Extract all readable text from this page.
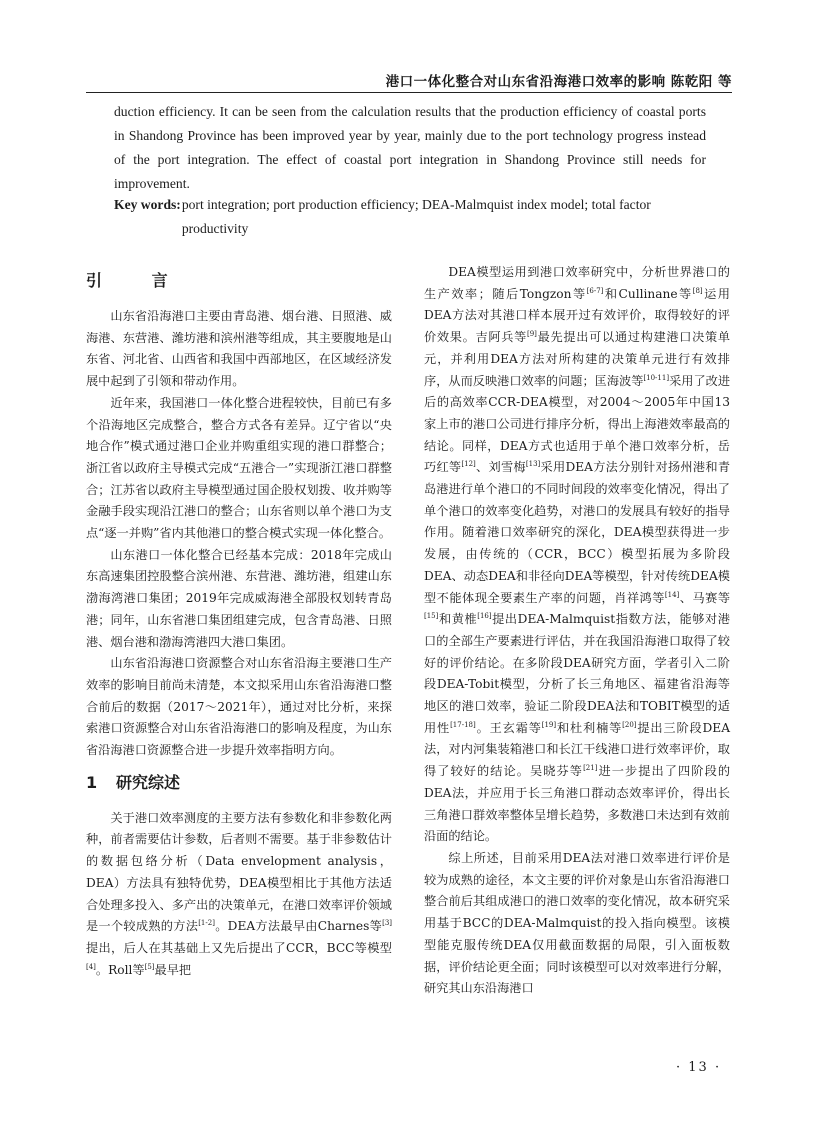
港口一体化整合对山东省沿海港口效率的影响 陈乾阳 等

duction efficiency. It can be seen from the calculation results that the production efficiency of coastal ports in Shandong Province has been improved year by year, mainly due to the port technology progress instead of the port integration. The effect of coastal port integration in Shandong Province still needs for improvement.

Key words: port integration; port production efficiency; DEA-Malmquist index model; total factor productivity
引 言

山东省沿海港口主要由青岛港、烟台港、日照港、威海港、东营港、潍坊港和滨州港等组成，其主要腹地是山东省、河北省、山西省和我国中西部地区，在区域经济发展中起到了引领和带动作用。

近年来，我国港口一体化整合进程较快，目前已有多个沿海地区完成整合，整合方式各有差异。辽宁省以“央地合作”模式通过港口企业并购重组实现的港口群整合；浙江省以政府主导模式完成“五港合一”实现浙江港口群整合；江苏省以政府主导模型通过国企股权划拨、收并购等金融手段实现沿江港口的整合；山东省则以单个港口为支点“逐一并购”省内其他港口的整合模式实现一体化整合。

山东港口一体化整合已经基本完成：2018年完成山东高速集团控股整合滨州港、东营港、潍坊港，组建山东渤海湾港口集团；2019年完成威海港全部股权划转青岛港；同年，山东省港口集团组建完成，包含青岛港、日照港、烟台港和渤海湾港四大港口集团。

山东省沿海港口资源整合对山东省沿海主要港口生产效率的影响目前尚未清楚，本文拟采用山东省沿海港口整合前后的数据（2017～2021年），通过对比分析，来探索港口资源整合对山东省沿海港口的影响及程度，为山东省沿海港口资源整合进一步提升效率指明方向。

1 研究综述

关于港口效率测度的主要方法有参数化和非参数化两种，前者需要估计参数，后者则不需要。基于非参数估计的数据包络分析（Data envelopment analysis，DEA）方法具有独特优势，DEA模型相比于其他方法适合处理多投入、多产出的决策单元，在港口效率评价领域是一个较成熟的方法[1-2]。DEA方法最早由Charnes等[3]提出，后人在其基础上又先后提出了CCR，BCC等模型[4]。Roll等[5]最早把

DEA模型运用到港口效率研究中，分析世界港口的生产效率；随后Tongzon等[6-7]和Cullinane等[8]运用DEA方法对其港口样本展开过有效评价，取得较好的评价效果。吉阿兵等[9]最先提出可以通过构建港口决策单元，并利用DEA方法对所构建的决策单元进行有效排序，从而反映港口效率的问题；匡海波等[10-11]采用了改进后的高效率CCR-DEA模型，对2004～2005年中国13家上市的港口公司进行排序分析，得出上海港效率最高的结论。同样，DEA方式也适用于单个港口效率分析，岳巧红等[12]、刘雪梅[13]采用DEA方法分别针对扬州港和青岛港进行单个港口的不同时间段的效率变化情况，得出了单个港口的效率变化趋势，对港口的发展具有较好的指导作用。随着港口效率研究的深化，DEA模型获得进一步发展，由传统的（CCR，BCC）模型拓展为多阶段DEA、动态DEA和非径向DEA等模型，针对传统DEA模型不能体现全要素生产率的问题，肖祥鸿等[14]、马赛等[15]和黄椎[16]提出DEA-Malmquist指数方法，能够对港口的全部生产要素进行评估，并在我国沿海港口取得了较好的评价结论。在多阶段DEA研究方面，学者引入二阶段DEA-Tobit模型，分析了长三角地区、福建省沿海等地区的港口效率，验证二阶段DEA法和TOBIT模型的适用性[17-18]。王玄霜等[19]和杜利楠等[20]提出三阶段DEA法，对内河集装箱港口和长江干线港口进行效率评价，取得了较好的结论。吴晓芬等[21]进一步提出了四阶段的DEA法，并应用于长三角港口群动态效率评价，得出长三角港口群效率整体呈增长趋势，多数港口未达到有效前沿面的结论。

综上所述，目前采用DEA法对港口效率进行评价是较为成熟的途径，本文主要的评价对象是山东省沿海港口整合前后其组成港口的港口效率的变化情况，故本研究采用基于BCC的DEA-Malmquist的投入指向模型。该模型能克服传统DEA仅用截面数据的局限，引入面板数据，评价结论更全面；同时该模型可以对效率进行分解，研究其山东沿海港口

· 13 ·
